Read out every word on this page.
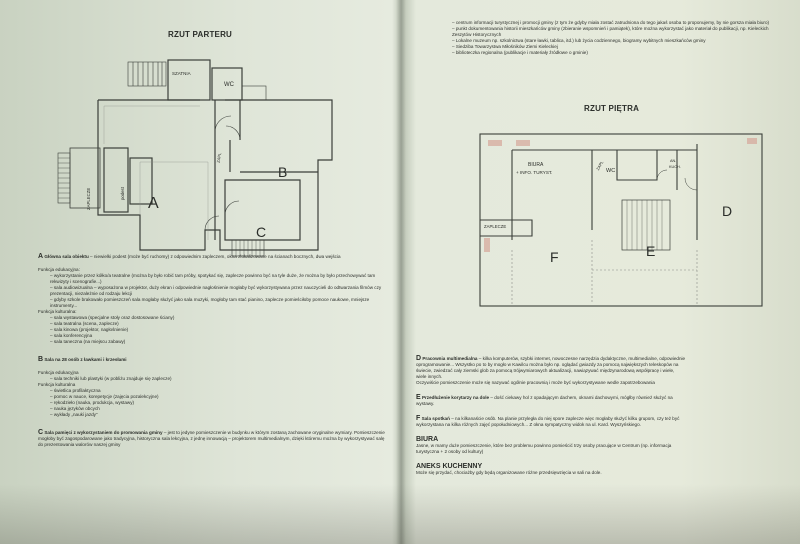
RZUT PARTERU
SZATNIA
WC
ZAPL
ZAPLECZE	podest
A
B
C
A Główna sala obiektu – niewielki podest (może być ruchomy) z odpowiednim zapleczem, okna zlokalizowane na ścianach bocznych, dwa wejścia
Funkcja edukacyjna:
– wykorzystanie przez kółko/a teatralne (można by było robić tam próby, spotykać się, zaplecze powinno być na tyle duże, że można by było przechowywać tam rekwizyty i scenografie...)
– sala audiowizualna – wyposażona w projektor, duży ekran i odpowiednie nagłośnienie mogłaby być wykorzystywana przez nauczycieli do odtwarzania filmów czy prezentacji, niezależnie od rodzaju lekcji
– gdyby szkole brakowało pomieszczeń sala mogłaby służyć jako sala muzyki, mogłoby tam stać pianino, zaplecze pomieściłoby pomoce naukowe, mniejsze instrumenty...
Funkcja kulturalna:
– sala wystawowa (specjalne stoły oraz dostosowane ściany)
– sala teatralna (scena, zaplecze)
– sala kinowa (projektor, nagłośnienie)
– sala konferencyjna
– sala taneczna (na miejscu zabawy)
B Sala na 28 osób z ławkami i krzesłami
Funkcja edukacyjna
– sala techniki lub plastyki (w pobliżu znajduje się zaplecze)
Funkcja kulturalna
– świetlica profilaktyczna
– pomoc w nauce, korepetycje (zajęcia pozalekcyjne)
– rękodzieło (nauka, produkcja, wystawy)
– nauka języków obcych
– wykłady „naukі jazdy”
C Sala pamięci z wykorzystaniem do promowania gminy – jest to jedyne pomieszczenie w budynku w którym zostaną zachowane oryginalne wymiary. Pomieszczenie mogłoby być zagospodarowane jako tradycyjna, historyczna sala lekcyjna, z jednę innowacją – projektorem multimedialnym, dzięki któremu można by wykorzystywać salę do prezentowania walorów naszej gminy
– centrum informacji turystycznej i promocji gminy (z tym że gdyby miała zostać zatrudniona do tego jakaś osoba to proponujemy, by nie gorsza miała biuro)
– punkt dokumentowania historii mieszkańców gminy (zbieranie wspomnień i pamiątek), które można wykorzystać jako materiał do publikacji, np. Kieleckich Zeszytów Historycznych
– Lokalne muzeum np. szkolnictwa (stare ławki, tablica, itd.) lub życia codziennego, biogramy wybitnych mieszkańców gminy
– Siedziba Towarzystwa Miłośników Ziemi Kieleckiej
– biblioteczka regionalna (publikacje i materiały źródłowe o gminie)
RZUT PIĘTRA
BIURA
+ INFO. TURYST.
ZAPL WC
AN.
KUCH.
ZAPLECZE
D
E
F
D Pracownia multimedialna – kilka komputerów, szybki internet, nowoczesne narzędzia dydaktyczne, multimedialne, odpowiednie
oprogramowanie... Wszystko po to by mogło w Kawilcu można było np. oglądać gwiazdy za pomocą największych teleskopów na
świecie, zwiedzać cały ziemski glob za pomocą trójwymiarowych aktualizacji, nawiązywać międzynarodową współpracę i wiele,
wiele innych.
Oczywiście pomieszczenie może się nazywać ogólnie pracownią i może być wykorzystywane wedle zapotrzebowania
E Przedłużenie korytarzy na dole – dość ciekawy hol z opadającym dachem, oknami dachowymi, mógłby również służyć na
wystawy.
F Sala spotkań – na kilkanaście osób. Na planie przyległa do niej spore zaplecze więc mogłaby służyć kilku grupom, czy też być
wykorzystana na kilka różnych zajęć popołudniowych... Z okna sympatyczny widok na ul. Kard. Wyszyńskiego.
BIURA
Jasne, w mamy duże pomieszczenie, które bez problemu powinno pomieścić trzy osoby pracujące w Centrum (np. informacja
turystyczna + 2 osoby od kultury)
ANEKS KUCHENNY
Może się przydać, chociażby gdy będą organizowane różne przedsięwzięcia w sali na dole.
